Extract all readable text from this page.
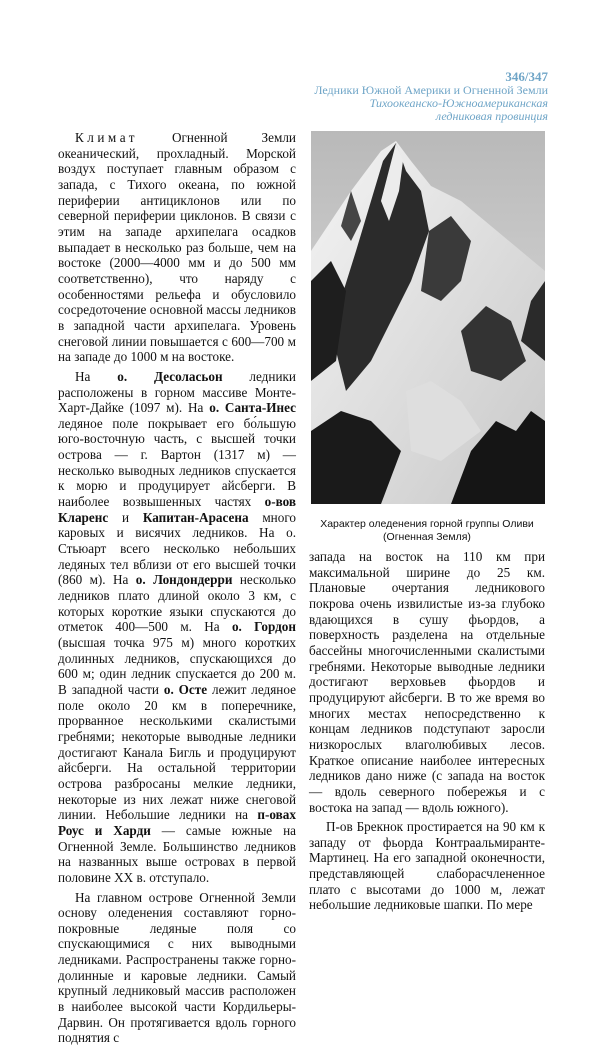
346/347
Ледники Южной Америки и Огненной Земли
Тихоокеанско-Южноамериканская
ледниковая провинция

Климат Огненной Земли океанический, прохладный. Морской воздух поступает главным образом с запада, с Тихого океана, по южной периферии антициклонов или по северной периферии циклонов. В связи с этим на западе архипелага осадков выпадает в несколько раз больше, чем на востоке (2000—4000 мм и до 500 мм соответственно), что наряду с особенностями рельефа и обусловило сосредоточение основной массы ледников в западной части архипелага. Уровень снеговой линии повышается с 600—700 м на западе до 1000 м на востоке.

На о. Десоласьон ледники расположены в горном массиве Монте-Харт-Дайке (1097 м). На о. Санта-Инес ледяное поле покрывает его бо́льшую юго-восточную часть, с высшей точки острова — г. Вартон (1317 м) — несколько выводных ледников спускается к морю и продуцирует айсберги. В наиболее возвышенных частях о-вов Кларенс и Капитан-Арасена много каровых и висячих ледников. На о. Стьюарт всего несколько небольших ледяных тел вблизи от его высшей точки (860 м). На о. Лондондерри несколько ледников плато длиной около 3 км, с которых короткие языки спускаются до отметок 400—500 м. На о. Гордон (высшая точка 975 м) много коротких долинных ледников, спускающихся до 600 м; один ледник спускается до 200 м. В западной части о. Осте лежит ледяное поле около 20 км в поперечнике, прорванное несколькими скалистыми гребнями; некоторые выводные ледники достигают Канала Бигль и продуцируют айсберги. На остальной территории острова разбросаны мелкие ледники, некоторые из них лежат ниже снеговой линии. Небольшие ледники на п-овах Роус и Харди — самые южные на Огненной Земле. Большинство ледников на названных выше островах в первой половине XX в. отступало.

На главном острове Огненной Земли основу оледенения составляют горно-покровные ледяные поля со спускающимися с них выводными ледниками. Распространены также горно-долинные и каровые ледники. Самый крупный ледниковый массив расположен в наиболее высокой части Кордильеры-Дарвин. Он протягивается вдоль горного поднятия с

Характер оледенения горной группы Оливи
(Огненная Земля)

запада на восток на 110 км при максимальной ширине до 25 км. Плановые очертания ледникового покрова очень извилистые из-за глубоко вдающихся в сушу фьордов, а поверхность разделена на отдельные бассейны многочисленными скалистыми гребнями. Некоторые выводные ледники достигают верховьев фьордов и продуцируют айсберги. В то же время во многих местах непосредственно к концам ледников подступают заросли низкорослых влаголюбивых лесов. Краткое описание наиболее интересных ледников дано ниже (с запада на восток — вдоль северного побережья и с востока на запад — вдоль южного).

П-ов Брекнок простирается на 90 км к западу от фьорда Контраальмиранте-Мартинец. На его западной оконечности, представляющей слаборасчлененное плато с высотами до 1000 м, лежат небольшие ледниковые шапки. По мере
